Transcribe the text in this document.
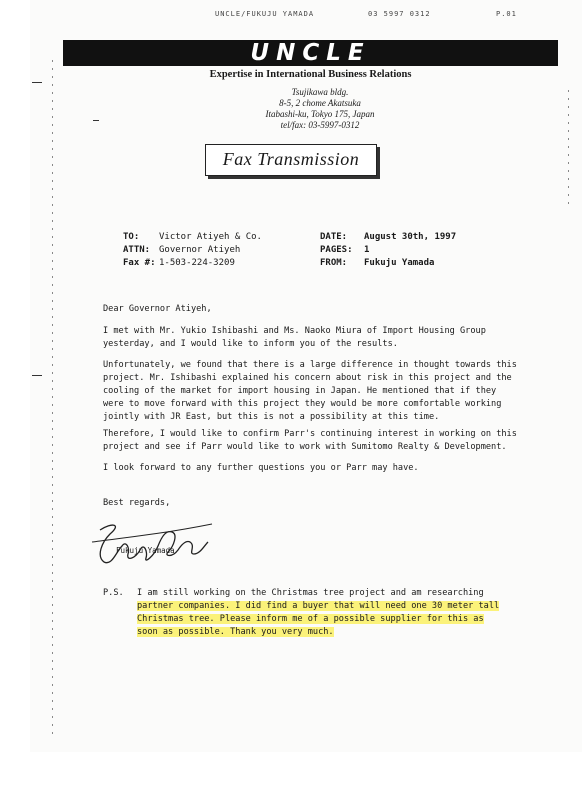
UNCLE/FUKUJU YAMADA	03 5997 0312	P.01
UNCLE
Expertise in International Business Relations
Tsujikawa bldg.
8-5, 2 chome Akatsuka
Itabashi-ku, Tokyo 175, Japan
tel/fax: 03-5997-0312
Fax Transmission
TO: Victor Atiyeh & Co.
ATTN: Governor Atiyeh
Fax #: 1-503-224-3209
DATE: August 30th, 1997
PAGES: 1
FROM: Fukuju Yamada
Dear Governor Atiyeh,
I met with Mr. Yukio Ishibashi and Ms. Naoko Miura of Import Housing Group
yesterday, and I would like to inform you of the results.
Unfortunately, we found that there is a large difference in thought towards this
project. Mr. Ishibashi explained his concern about risk in this project and the
cooling of the market for import housing in Japan. He mentioned that if they
were to move forward with this project they would be more comfortable working
jointly with JR East, but this is not a possibility at this time.
Therefore, I would like to confirm Parr's continuing interest in working on this
project and see if Parr would like to work with Sumitomo Realty & Development.
I look forward to any further questions you or Parr may have.
Best regards,
Fukuju Yamada
P.S.	I am still working on the Christmas tree project and am researching
partner companies. I did find a buyer that will need one 30 meter tall
Christmas tree. Please inform me of a possible supplier for this as
soon as possible. Thank you very much.
